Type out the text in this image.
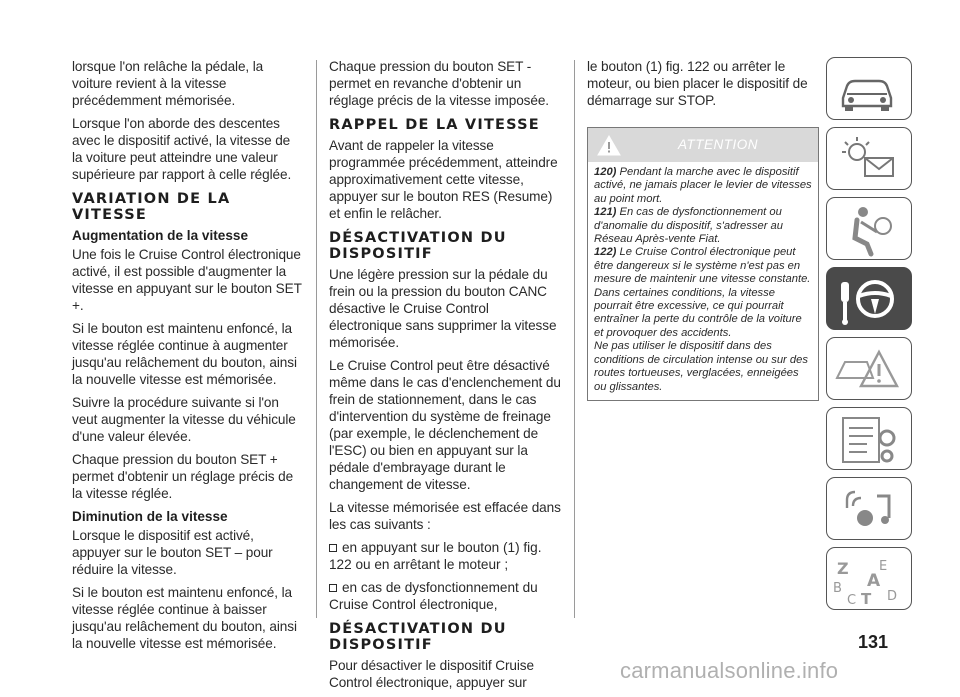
lorsque l'on relâche la pédale, la voiture revient à la vitesse précédemment mémorisée.

Lorsque l'on aborde des descentes avec le dispositif activé, la vitesse de la voiture peut atteindre une valeur supérieure par rapport à celle réglée.

VARIATION DE LA VITESSE
Augmentation de la vitesse

Une fois le Cruise Control électronique activé, il est possible d'augmenter la vitesse en appuyant sur le bouton SET +.

Si le bouton est maintenu enfoncé, la vitesse réglée continue à augmenter jusqu'au relâchement du bouton, ainsi la nouvelle vitesse est mémorisée.

Suivre la procédure suivante si l'on veut augmenter la vitesse du véhicule d'une valeur élevée.

Chaque pression du bouton SET + permet d'obtenir un réglage précis de la vitesse réglée.

Diminution de la vitesse

Lorsque le dispositif est activé, appuyer sur le bouton SET – pour réduire la vitesse.

Si le bouton est maintenu enfoncé, la vitesse réglée continue à baisser jusqu'au relâchement du bouton, ainsi la nouvelle vitesse est mémorisée.

Chaque pression du bouton SET - permet en revanche d'obtenir un réglage précis de la vitesse imposée.

RAPPEL DE LA VITESSE

Avant de rappeler la vitesse programmée précédemment, atteindre approximativement cette vitesse, appuyer sur le bouton RES (Resume) et enfin le relâcher.

DÉSACTIVATION DU DISPOSITIF

Une légère pression sur la pédale du frein ou la pression du bouton CANC désactive le Cruise Control électronique sans supprimer la vitesse mémorisée.

Le Cruise Control peut être désactivé même dans le cas d'enclenchement du frein de stationnement, dans le cas d'intervention du système de freinage (par exemple, le déclenchement de l'ESC) ou bien en appuyant sur la pédale d'embrayage durant le changement de vitesse.

La vitesse mémorisée est effacée dans les cas suivants :

en appuyant sur le bouton (1) fig. 122 ou en arrêtant le moteur ;
en cas de dysfonctionnement du Cruise Control électronique,
DÉSACTIVATION DU DISPOSITIF

Pour désactiver le dispositif Cruise Control électronique, appuyer sur

le bouton (1) fig. 122 ou arrêter le moteur, ou bien placer le dispositif de démarrage sur STOP.

ATTENTION

120) Pendant la marche avec le dispositif activé, ne jamais placer le levier de vitesses au point mort.

121) En cas de dysfonctionnement ou d'anomalie du dispositif, s'adresser au Réseau Après-vente Fiat.

122) Le Cruise Control électronique peut être dangereux si le système n'est pas en mesure de maintenir une vitesse constante. Dans certaines conditions, la vitesse pourrait être excessive, ce qui pourrait entraîner la perte du contrôle de la voiture et provoquer des accidents.

Ne pas utiliser le dispositif dans des conditions de circulation intense ou sur des routes tortueuses, verglacées, enneigées ou glissantes.

Z E
A
B
C D
T
131
carmanualsonline.info
